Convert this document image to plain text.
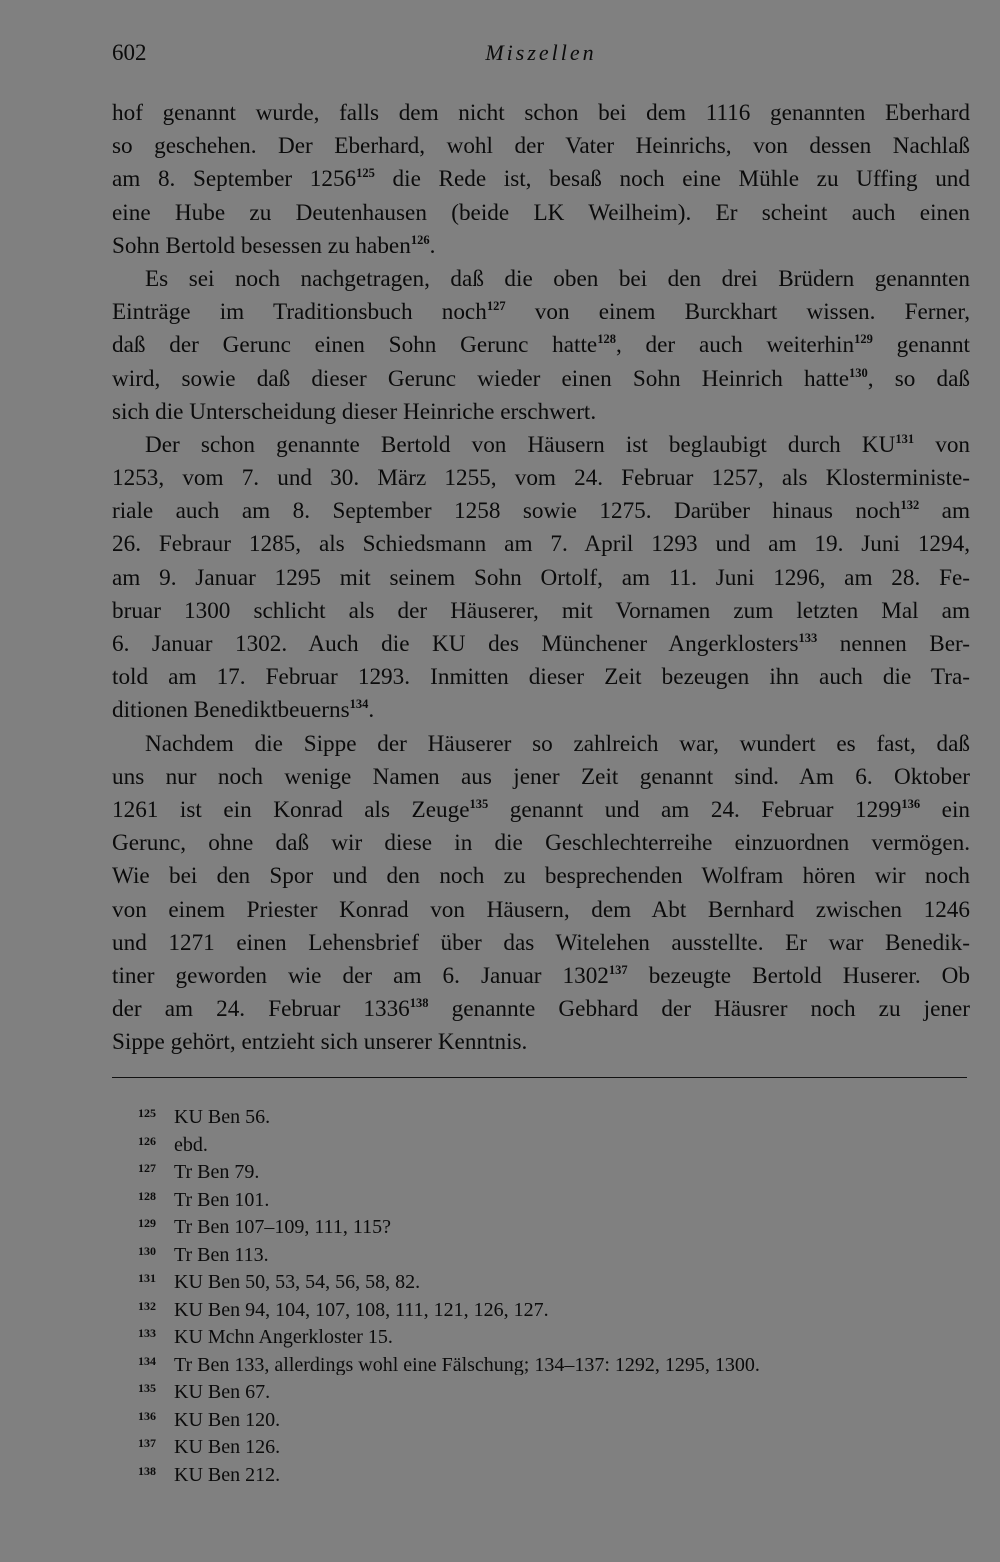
602	Miszellen
hof genannt wurde, falls dem nicht schon bei dem 1116 genannten Eberhard
so geschehen. Der Eberhard, wohl der Vater Heinrichs, von dessen Nachlaß
am 8. September 1256$^{125}$ die Rede ist, besaß noch eine Mühle zu Uffing und
eine Hube zu Deutenhausen (beide LK Weilheim). Er scheint auch einen
Sohn Bertold besessen zu haben$^{126}$.
Es sei noch nachgetragen, daß die oben bei den drei Brüdern genannten
Einträge im Traditionsbuch noch$^{127}$ von einem Burckhart wissen. Ferner,
daß der Gerunc einen Sohn Gerunc hatte$^{128}$, der auch weiterhin$^{129}$ genannt
wird, sowie daß dieser Gerunc wieder einen Sohn Heinrich hatte$^{130}$, so daß
sich die Unterscheidung dieser Heinriche erschwert.
Der schon genannte Bertold von Häusern ist beglaubigt durch KU$^{131}$ von
1253, vom 7. und 30. März 1255, vom 24. Februar 1257, als Klosterministe-
riale auch am 8. September 1258 sowie 1275. Darüber hinaus noch$^{132}$ am
26. Febraur 1285, als Schiedsmann am 7. April 1293 und am 19. Juni 1294,
am 9. Januar 1295 mit seinem Sohn Ortolf, am 11. Juni 1296, am 28. Fe-
bruar 1300 schlicht als der Häuserer, mit Vornamen zum letzten Mal am
6. Januar 1302. Auch die KU des Münchener Angerklosters$^{133}$ nennen Ber-
told am 17. Februar 1293. Inmitten dieser Zeit bezeugen ihn auch die Tra-
ditionen Benediktbeuerns$^{134}$.
Nachdem die Sippe der Häuserer so zahlreich war, wundert es fast, daß
uns nur noch wenige Namen aus jener Zeit genannt sind. Am 6. Oktober
1261 ist ein Konrad als Zeuge$^{135}$ genannt und am 24. Februar 1299$^{136}$ ein
Gerunc, ohne daß wir diese in die Geschlechterreihe einzuordnen vermögen.
Wie bei den Spor und den noch zu besprechenden Wolfram hören wir noch
von einem Priester Konrad von Häusern, dem Abt Bernhard zwischen 1246
und 1271 einen Lehensbrief über das Witelehen ausstellte. Er war Benedik-
tiner geworden wie der am 6. Januar 1302$^{137}$ bezeugte Bertold Huserer. Ob
der am 24. Februar 1336$^{138}$ genannte Gebhard der Häusrer noch zu jener
Sippe gehört, entzieht sich unserer Kenntnis.
125 KU Ben 56.
126 ebd.
127 Tr Ben 79.
128 Tr Ben 101.
129 Tr Ben 107–109, 111, 115?
130 Tr Ben 113.
131 KU Ben 50, 53, 54, 56, 58, 82.
132 KU Ben 94, 104, 107, 108, 111, 121, 126, 127.
133 KU Mchn Angerkloster 15.
134 Tr Ben 133, allerdings wohl eine Fälschung; 134–137: 1292, 1295, 1300.
135 KU Ben 67.
136 KU Ben 120.
137 KU Ben 126.
138 KU Ben 212.
